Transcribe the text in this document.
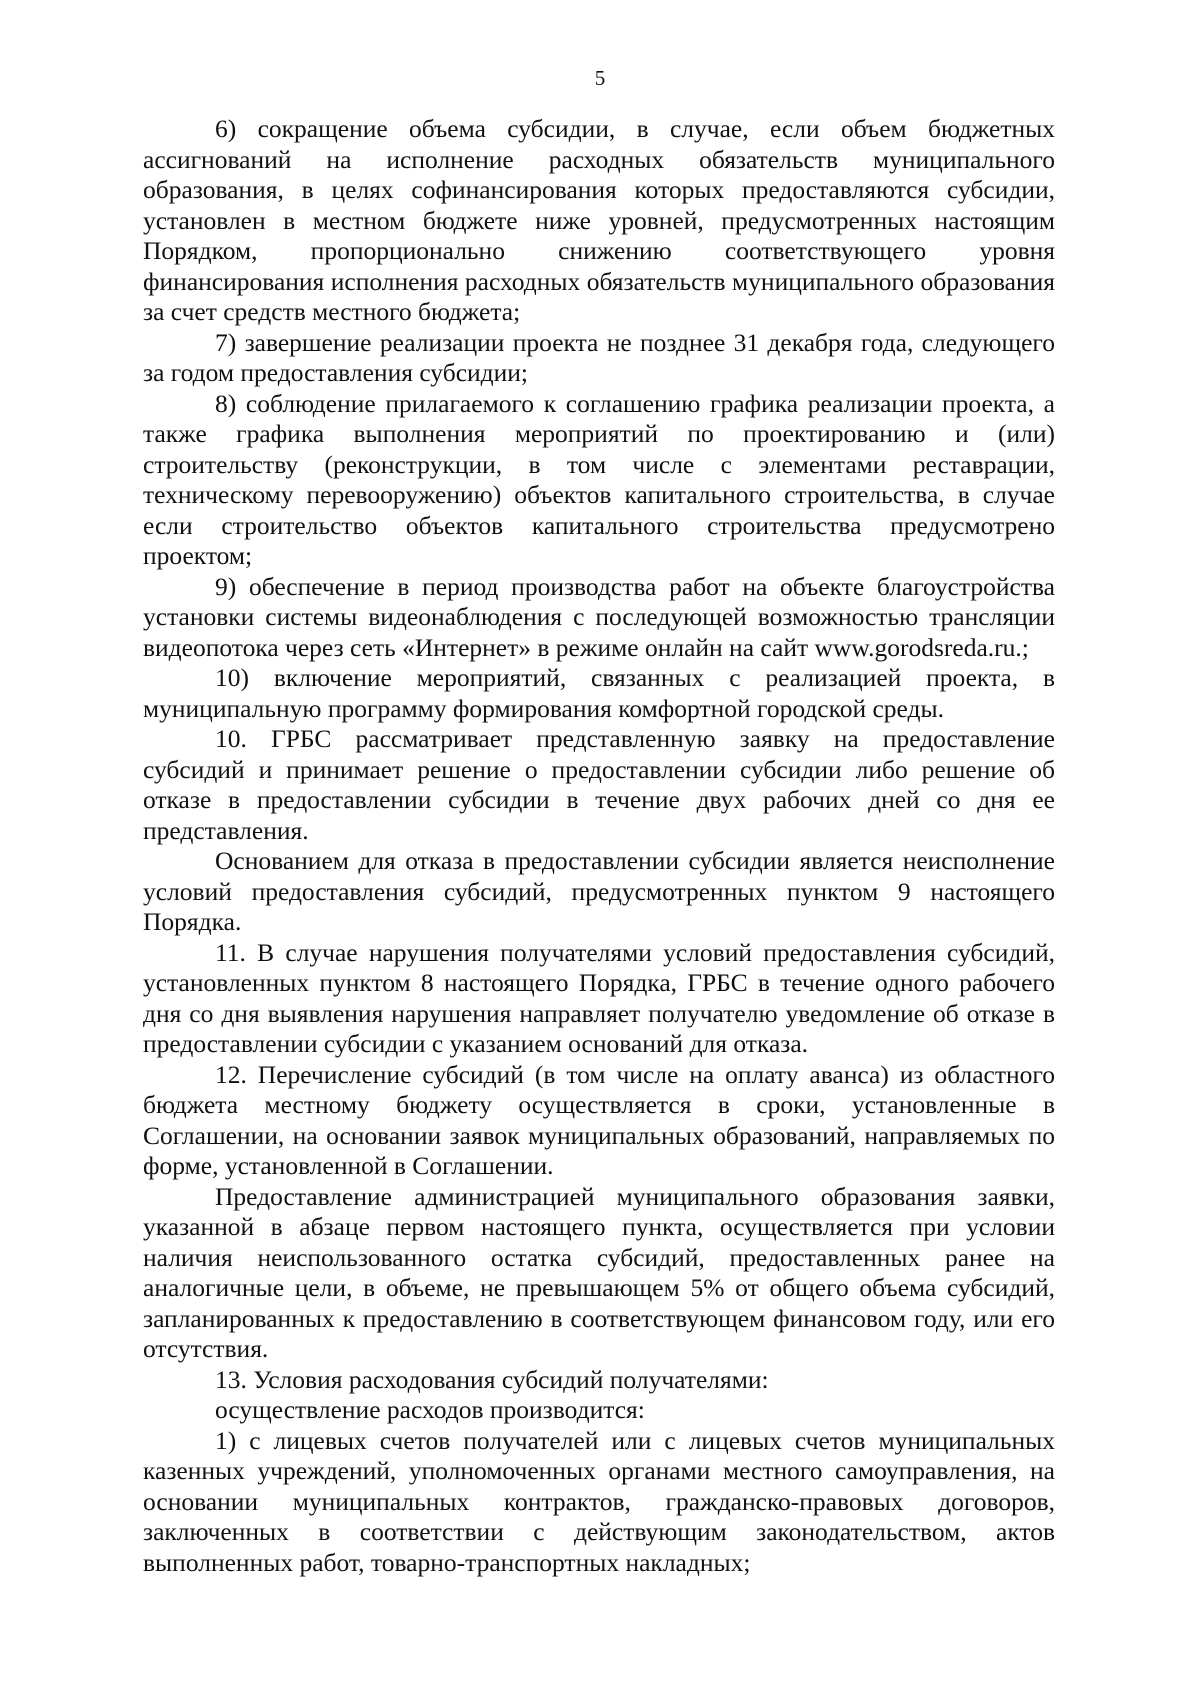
5

6) сокращение объема субсидии, в случае, если объем бюджетных ассигнований на исполнение расходных обязательств муниципального образования, в целях софинансирования которых предоставляются субсидии, установлен в местном бюджете ниже уровней, предусмотренных настоящим Порядком, пропорционально снижению соответствующего уровня финансирования исполнения расходных обязательств муниципального образования за счет средств местного бюджета;

7) завершение реализации проекта не позднее 31 декабря года, следующего за годом предоставления субсидии;

8) соблюдение прилагаемого к соглашению графика реализации проекта, а также графика выполнения мероприятий по проектированию и (или) строительству (реконструкции, в том числе с элементами реставрации, техническому перевооружению) объектов капитального строительства, в случае если строительство объектов капитального строительства предусмотрено проектом;

9) обеспечение в период производства работ на объекте благоустройства установки системы видеонаблюдения с последующей возможностью трансляции видеопотока через сеть «Интернет» в режиме онлайн на сайт www.gorodsreda.ru.;

10) включение мероприятий, связанных с реализацией проекта, в муниципальную программу формирования комфортной городской среды.

10. ГРБС рассматривает представленную заявку на предоставление субсидий и принимает решение о предоставлении субсидии либо решение об отказе в предоставлении субсидии в течение двух рабочих дней со дня ее представления.

Основанием для отказа в предоставлении субсидии является неисполнение условий предоставления субсидий, предусмотренных пунктом 9 настоящего Порядка.

11. В случае нарушения получателями условий предоставления субсидий, установленных пунктом 8 настоящего Порядка, ГРБС в течение одного рабочего дня со дня выявления нарушения направляет получателю уведомление об отказе в предоставлении субсидии с указанием оснований для отказа.

12. Перечисление субсидий (в том числе на оплату аванса) из областного бюджета местному бюджету осуществляется в сроки, установленные в Соглашении, на основании заявок муниципальных образований, направляемых по форме, установленной в Соглашении.

Предоставление администрацией муниципального образования заявки, указанной в абзаце первом настоящего пункта, осуществляется при условии наличия неиспользованного остатка субсидий, предоставленных ранее на аналогичные цели, в объеме, не превышающем 5% от общего объема субсидий, запланированных к предоставлению в соответствующем финансовом году, или его отсутствия.

13. Условия расходования субсидий получателями:

осуществление расходов производится:

1) с лицевых счетов получателей или с лицевых счетов муниципальных казенных учреждений, уполномоченных органами местного самоуправления, на основании муниципальных контрактов, гражданско-правовых договоров, заключенных в соответствии с действующим законодательством, актов выполненных работ, товарно-транспортных накладных;
